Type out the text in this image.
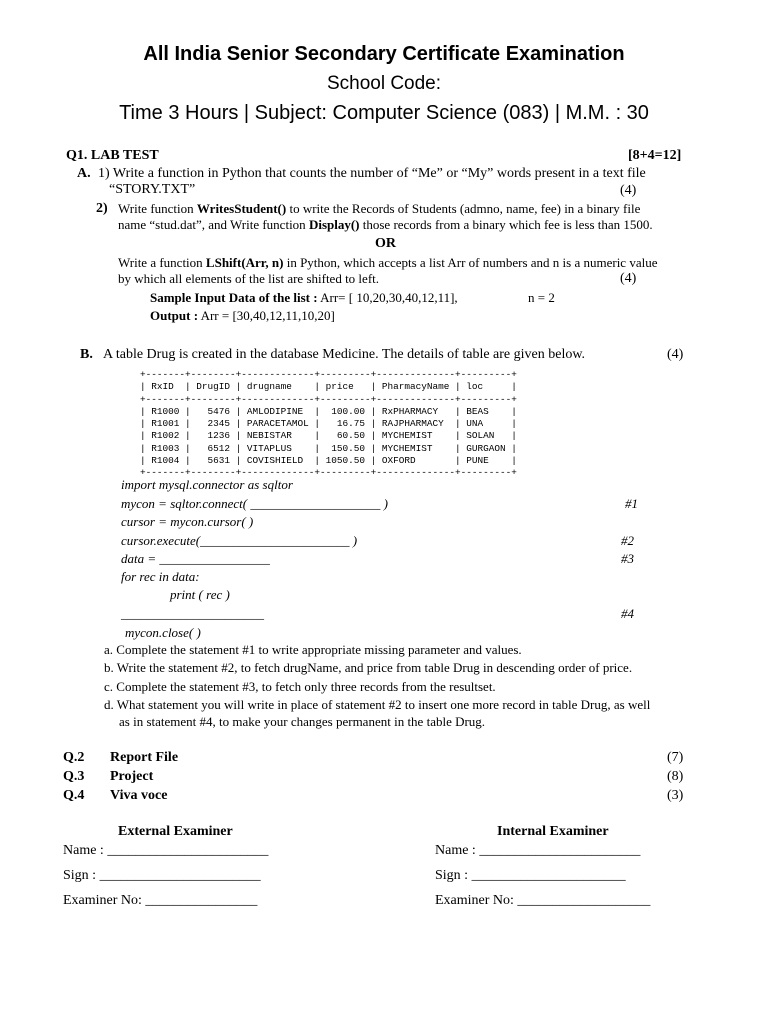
All India Senior Secondary Certificate Examination
School Code:
Time 3 Hours | Subject: Computer Science (083) | M.M. : 30
Q1. LAB TEST	[8+4=12]
A. 1) Write a function in Python that counts the number of “Me” or “My” words present in a text file
“STORY.TXT”	(4)
2) Write function WritesStudent() to write the Records of Students (admno, name, fee) in a binary file
name “stud.dat”, and Write function Display() those records from a binary which fee is less than 1500.
OR
Write a function LShift(Arr, n) in Python, which accepts a list Arr of numbers and n is a numeric value
by which all elements of the list are shifted to left.	(4)
Sample Input Data of the list : Arr= [ 10,20,30,40,12,11],	n = 2
Output : Arr = [30,40,12,11,10,20]
B. A table Drug is created in the database Medicine. The details of table are given below.	(4)
+-------+--------+-------------+---------+--------------+---------+
| RxID  | DrugID | drugname    | price   | PharmacyName | loc     |
+-------+--------+-------------+---------+--------------+---------+
| R1000 |   5476 | AMLODIPINE  |  100.00 | RxPHARMACY   | BEAS    |
| R1001 |   2345 | PARACETAMOL |   16.75 | RAJPHARMACY  | UNA     |
| R1002 |   1236 | NEBISTAR    |   60.50 | MYCHEMIST    | SOLAN   |
| R1003 |   6512 | VITAPLUS    |  150.50 | MYCHEMIST    | GURGAON |
| R1004 |   5631 | COVISHIELD  | 1050.50 | OXFORD       | PUNE    |
+-------+--------+-------------+---------+--------------+---------+
import mysql.connector as sqltor
mycon = sqltor.connect( ____________________ )	#1
cursor = mycon.cursor( )
cursor.execute(_______________________ )	#2
data = _________________	#3
for rec in data:
print ( rec )
______________________	#4
mycon.close( )
a. Complete the statement #1 to write appropriate missing parameter and values.
b. Write the statement #2, to fetch drugName, and price from table Drug in descending order of price.
c. Complete the statement #3, to fetch only three records from the resultset.
d. What statement you will write in place of statement #2 to insert one more record in table Drug, as well
as in statement #4, to make your changes permanent in the table Drug.
Q.2 Report File	(7)
Q.3 Project	(8)
Q.4 Viva voce	(3)
External Examiner	Internal Examiner
Name : _______________________	Name : _______________________
Sign : _______________________	Sign : ______________________
Examiner No: ________________	Examiner No: ___________________
